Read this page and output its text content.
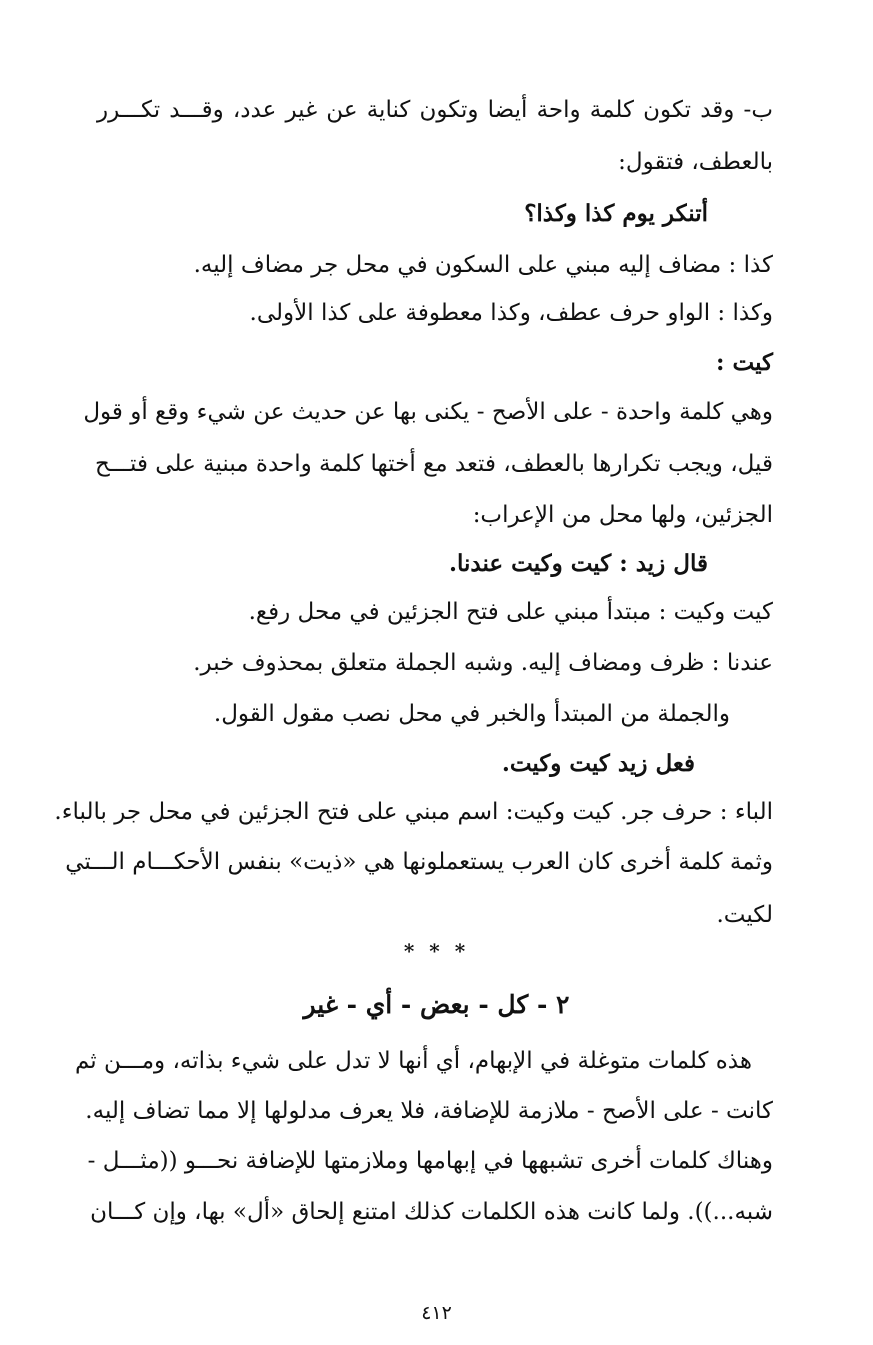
ب- وقد تكون كلمة واحة أيضا وتكون كناية عن غير عدد، وقـــد تكـــرر
بالعطف، فتقول:
أتنكر يوم كذا وكذا؟
كذا : مضاف إليه مبني على السكون في محل جر مضاف إليه.
وكذا : الواو حرف عطف، وكذا معطوفة على كذا الأولى.
كيت :
وهي كلمة واحدة - على الأصح - يكنى بها عن حديث عن شيء وقع أو قول
قيل، ويجب تكرارها بالعطف، فتعد مع أختها كلمة واحدة مبنية على فتـــح
الجزئين، ولها محل من الإعراب:
قال زيد : كيت وكيت عندنا.
كيت وكيت : مبتدأ مبني على فتح الجزئين في محل رفع.
عندنا : ظرف ومضاف إليه. وشبه الجملة متعلق بمحذوف خبر.
والجملة من المبتدأ والخبر في محل نصب مقول القول.
فعل زيد كيت وكيت.
الباء : حرف جر. كيت وكيت: اسم مبني على فتح الجزئين في محل جر بالباء.
وثمة كلمة أخرى كان العرب يستعملونها هي «ذيت» بنفس الأحكـــام الـــتي
لكيت.
* * *
٢ - كل - بعض - أي - غير
هذه كلمات متوغلة في الإبهام، أي أنها لا تدل على شيء بذاته، ومـــن ثم
كانت - على الأصح - ملازمة للإضافة، فلا يعرف مدلولها إلا مما تضاف إليه.
وهناك كلمات أخرى تشبهها في إبهامها وملازمتها للإضافة نحـــو ((مثـــل -
شبه...)). ولما كانت هذه الكلمات كذلك امتنع إلحاق «أل» بها، وإن كـــان
٤١٢
